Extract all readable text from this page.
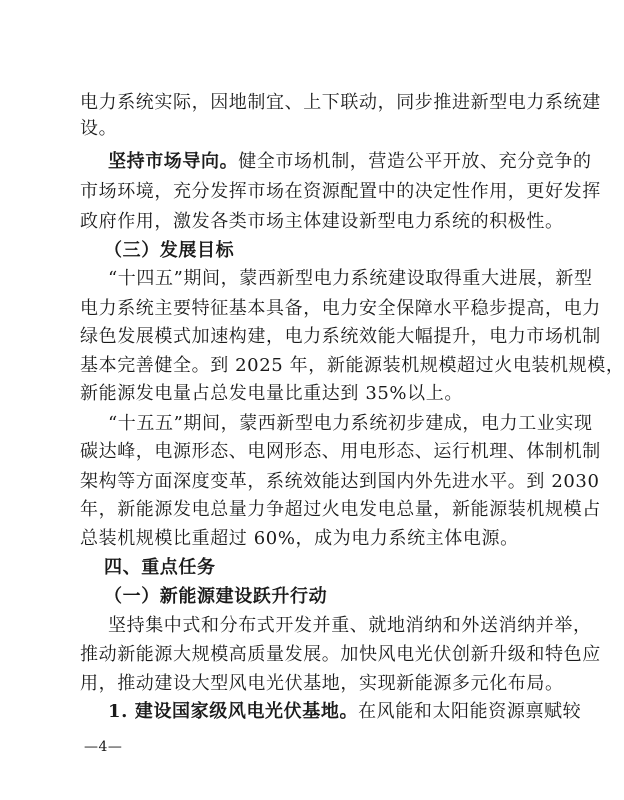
电力系统实际，因地制宜、上下联动，同步推进新型电力系统建
设。
坚持市场导向。健全市场机制，营造公平开放、充分竞争的
市场环境，充分发挥市场在资源配置中的决定性作用，更好发挥
政府作用，激发各类市场主体建设新型电力系统的积极性。
（三）发展目标
“十四五”期间，蒙西新型电力系统建设取得重大进展，新型
电力系统主要特征基本具备，电力安全保障水平稳步提高，电力
绿色发展模式加速构建，电力系统效能大幅提升，电力市场机制
基本完善健全。到 2025 年，新能源装机规模超过火电装机规模，
新能源发电量占总发电量比重达到 35%以上。
“十五五”期间，蒙西新型电力系统初步建成，电力工业实现
碳达峰，电源形态、电网形态、用电形态、运行机理、体制机制
架构等方面深度变革，系统效能达到国内外先进水平。到 2030
年，新能源发电总量力争超过火电发电总量，新能源装机规模占
总装机规模比重超过 60%，成为电力系统主体电源。
四、重点任务
（一）新能源建设跃升行动
坚持集中式和分布式开发并重、就地消纳和外送消纳并举，
推动新能源大规模高质量发展。加快风电光伏创新升级和特色应
用，推动建设大型风电光伏基地，实现新能源多元化布局。
1. 建设国家级风电光伏基地。在风能和太阳能资源禀赋较
—4—
